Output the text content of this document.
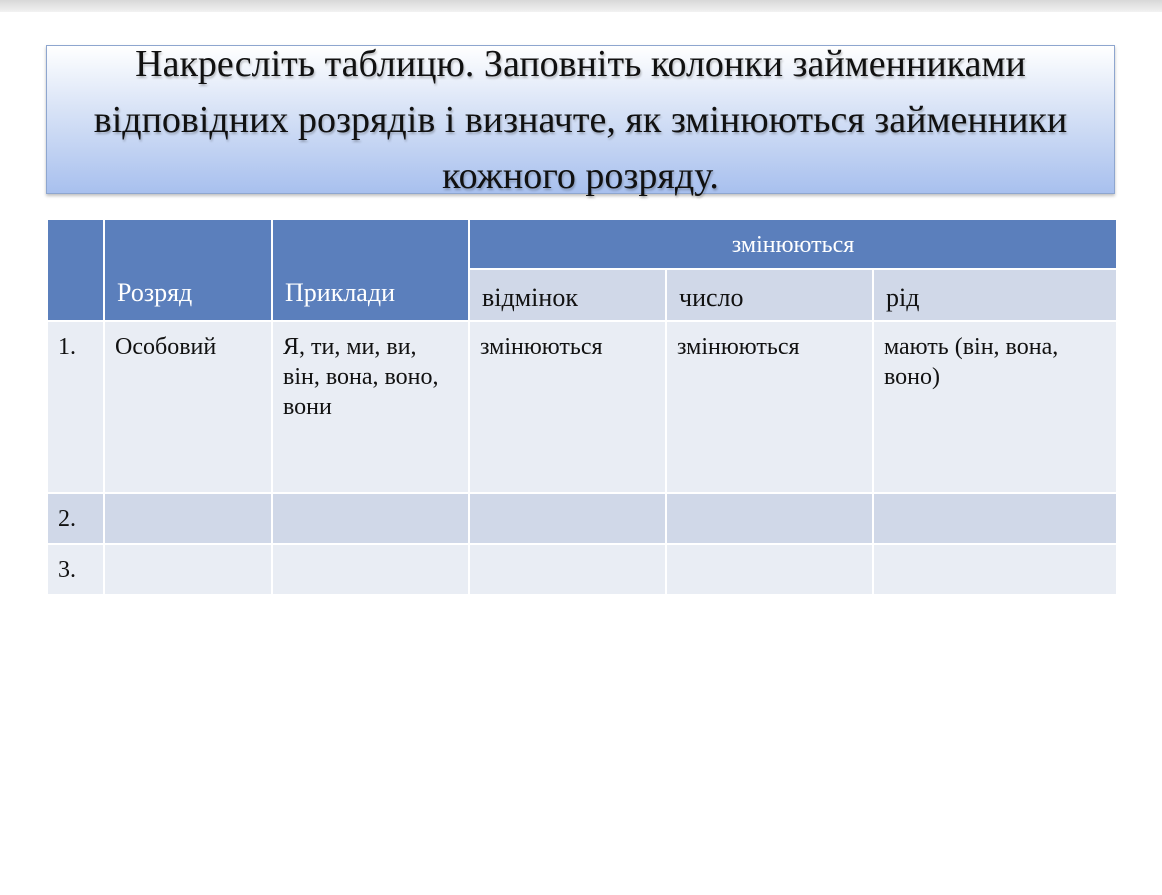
Накресліть таблицю. Заповніть колонки займенниками відповідних розрядів і визначте, як змінюються займенники кожного розряду.

	Розряд	Приклади	змінюються		

			відмінок	число	рід

1.	Особовий	Я, ти, ми, ви, він, вона, воно, вони	змінюються	змінюються	мають (він, вона, воно)

2.					

3.					
